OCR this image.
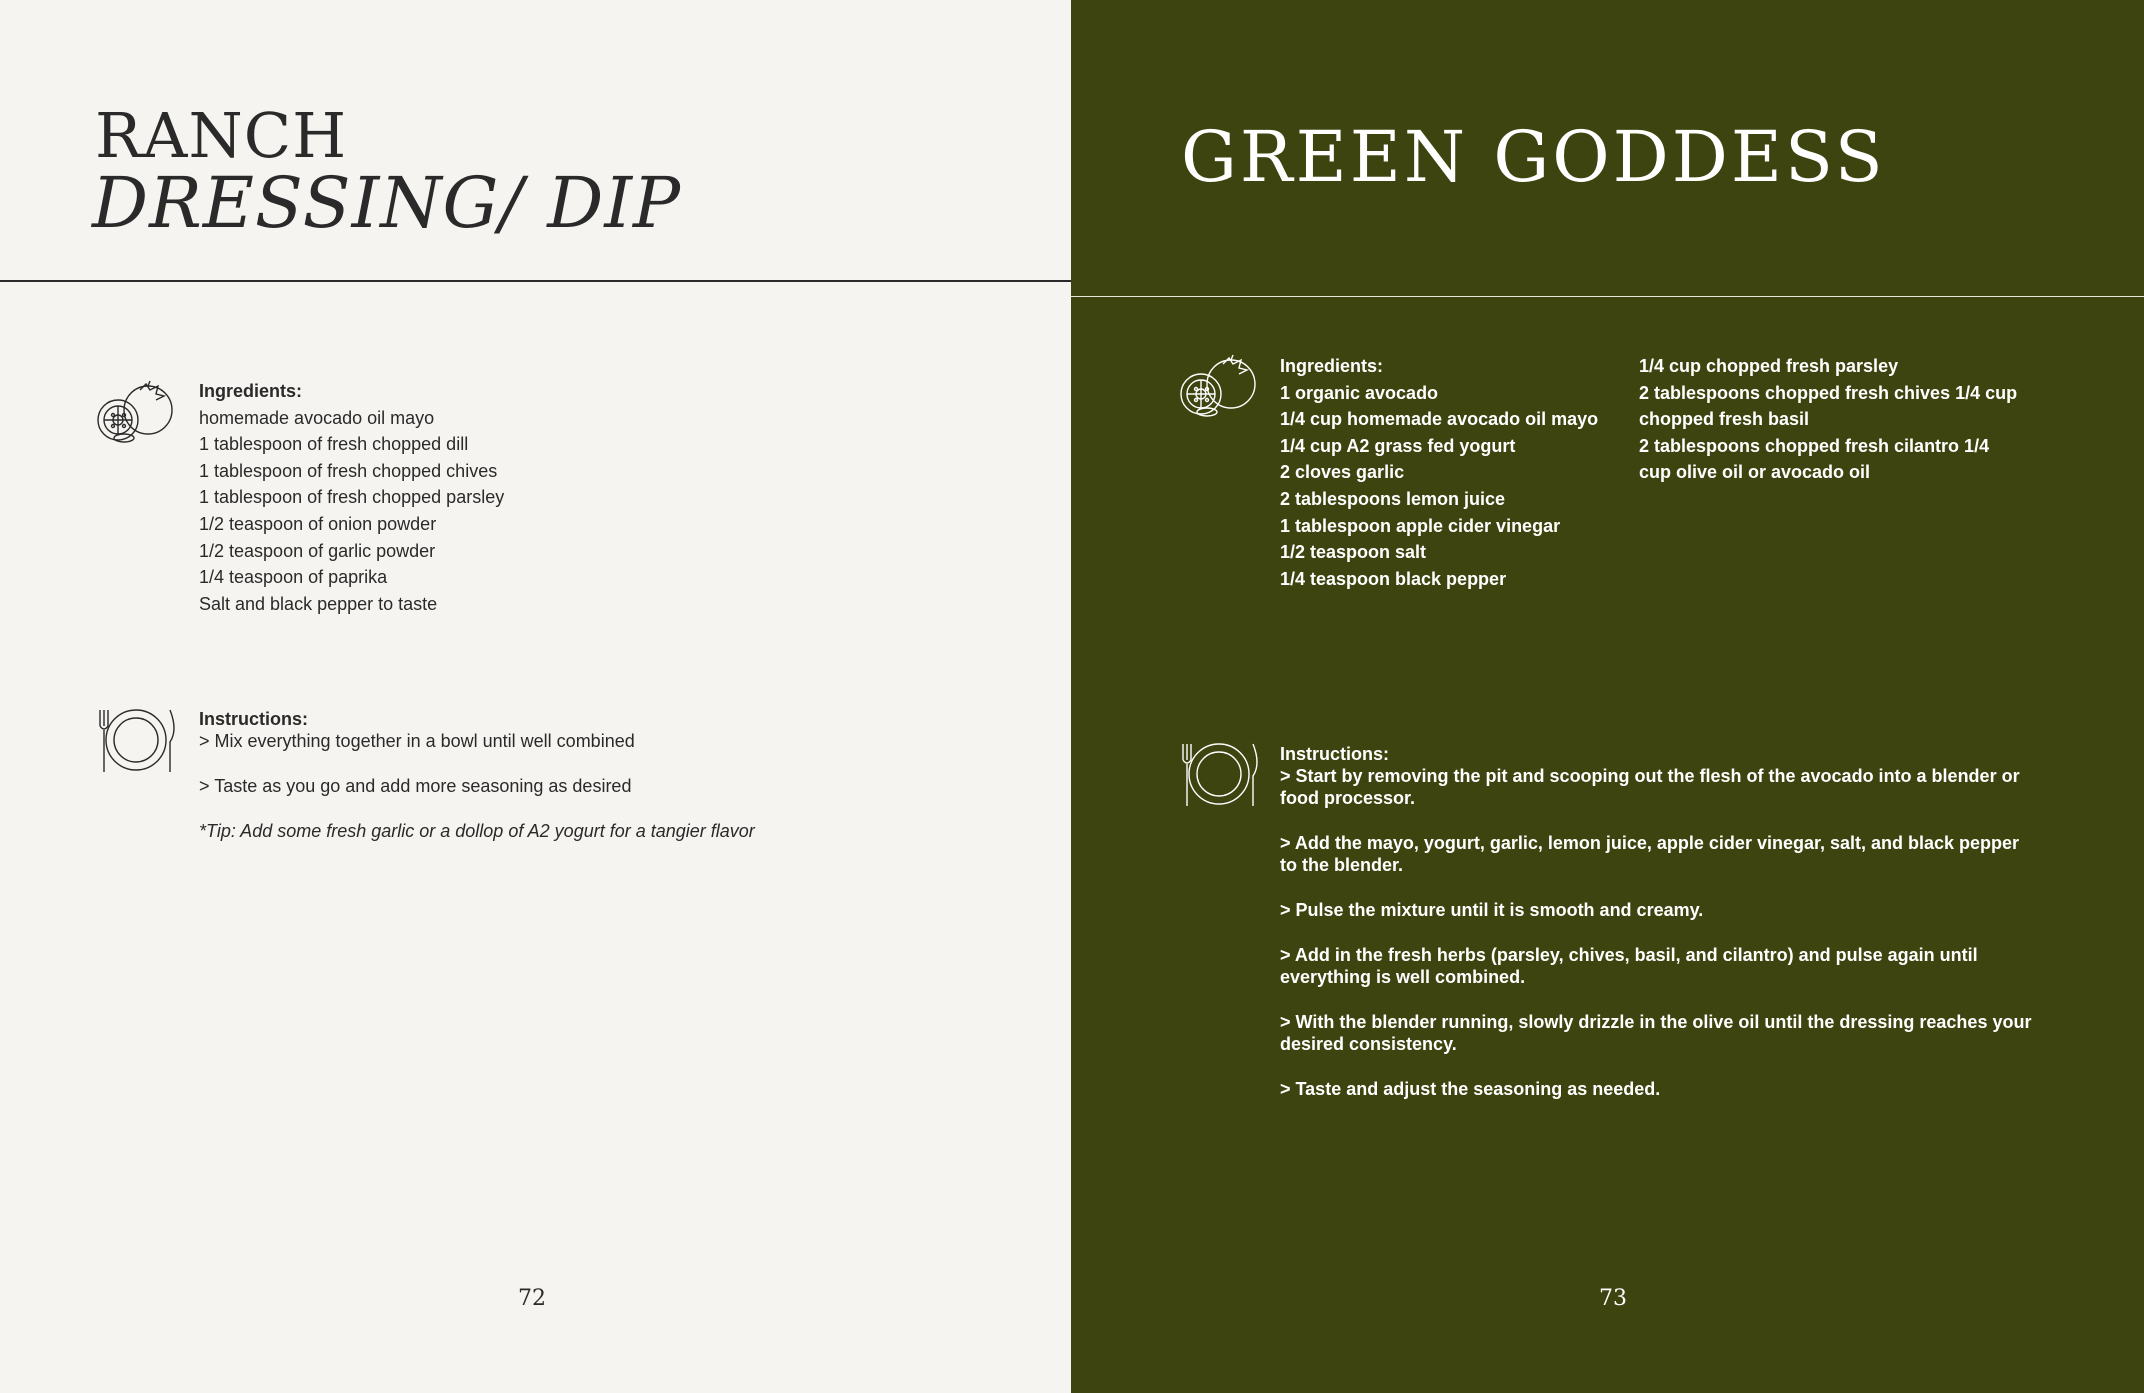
RANCH
DRESSING/ DIP
Ingredients:
homemade avocado oil mayo
1 tablespoon of fresh chopped dill
1 tablespoon of fresh chopped chives
1 tablespoon of fresh chopped parsley
1/2 teaspoon of onion powder
1/2 teaspoon of garlic powder
1/4 teaspoon of paprika
Salt and black pepper to taste
Instructions:
> Mix everything together in a bowl until well combined
> Taste as you go and add more seasoning as desired
*Tip: Add some fresh garlic or a dollop of A2 yogurt for a tangier flavor
72
GREEN GODDESS
Ingredients:
1 organic avocado
1/4 cup homemade avocado oil mayo
1/4 cup A2 grass fed yogurt
2 cloves garlic
2 tablespoons lemon juice
1 tablespoon apple cider vinegar
1/2 teaspoon salt
1/4 teaspoon black pepper
1/4 cup chopped fresh parsley
2 tablespoons chopped fresh chives 1/4 cup
chopped fresh basil
2 tablespoons chopped fresh cilantro 1/4
cup olive oil or avocado oil
Instructions:
> Start by removing the pit and scooping out the flesh of the avocado into a blender or food processor.
> Add the mayo, yogurt, garlic, lemon juice, apple cider vinegar, salt, and black pepper to the blender.
> Pulse the mixture until it is smooth and creamy.
> Add in the fresh herbs (parsley, chives, basil, and cilantro) and pulse again until everything is well combined.
> With the blender running, slowly drizzle in the olive oil until the dressing reaches your desired consistency.
> Taste and adjust the seasoning as needed.
73
